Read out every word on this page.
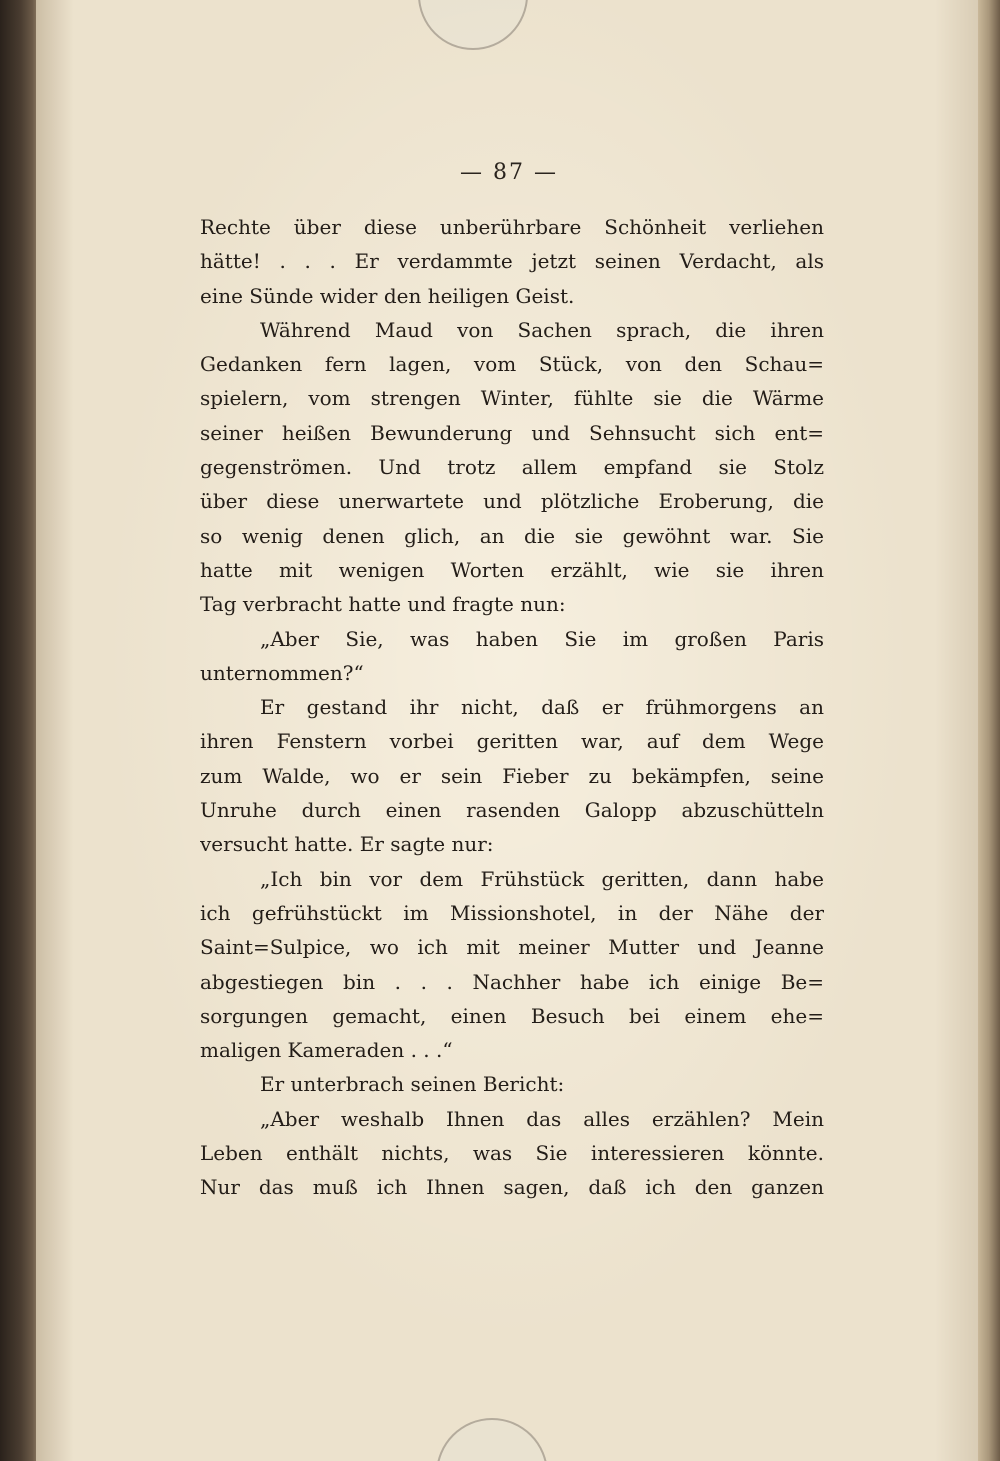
— 87 —
Rechte über diese unberührbare Schönheit verliehen
hätte! . . . Er verdammte jetzt seinen Verdacht, als
eine Sünde wider den heiligen Geist.
Während Maud von Sachen sprach, die ihren
Gedanken fern lagen, vom Stück, von den Schau=
spielern, vom strengen Winter, fühlte sie die Wärme
seiner heißen Bewunderung und Sehnsucht sich ent=
gegenströmen. Und trotz allem empfand sie Stolz
über diese unerwartete und plötzliche Eroberung, die
so wenig denen glich, an die sie gewöhnt war. Sie
hatte mit wenigen Worten erzählt, wie sie ihren
Tag verbracht hatte und fragte nun:
„Aber Sie, was haben Sie im großen Paris
unternommen?“
Er gestand ihr nicht, daß er frühmorgens an
ihren Fenstern vorbei geritten war, auf dem Wege
zum Walde, wo er sein Fieber zu bekämpfen, seine
Unruhe durch einen rasenden Galopp abzuschütteln
versucht hatte. Er sagte nur:
„Ich bin vor dem Frühstück geritten, dann habe
ich gefrühstückt im Missionshotel, in der Nähe der
Saint=Sulpice, wo ich mit meiner Mutter und Jeanne
abgestiegen bin . . . Nachher habe ich einige Be=
sorgungen gemacht, einen Besuch bei einem ehe=
maligen Kameraden . . .“
Er unterbrach seinen Bericht:
„Aber weshalb Ihnen das alles erzählen? Mein
Leben enthält nichts, was Sie interessieren könnte.
Nur das muß ich Ihnen sagen, daß ich den ganzen
